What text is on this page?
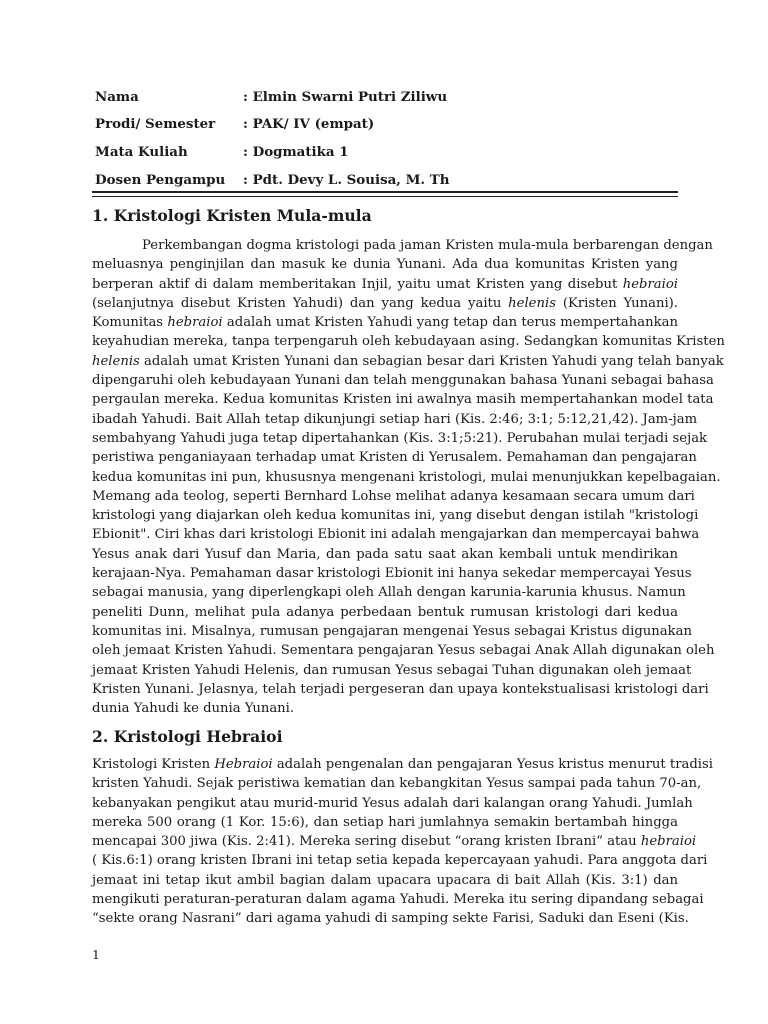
Nama	: Elmin Swarni Putri Ziliwu
Prodi/ Semester : PAK/ IV (empat)
Mata Kuliah	: Dogmatika 1
Dosen Pengampu : Pdt. Devy L. Souisa, M. Th
1. Kristologi Kristen Mula-mula
Perkembangan dogma kristologi pada jaman Kristen mula-mula berbarengan dengan
meluasnya penginjilan dan masuk ke dunia Yunani. Ada dua komunitas Kristen yang
berperan aktif di dalam memberitakan Injil, yaitu umat Kristen yang disebut hebraioi
(selanjutnya disebut Kristen Yahudi) dan yang kedua yaitu helenis (Kristen Yunani).
Komunitas hebraioi adalah umat Kristen Yahudi yang tetap dan terus mempertahankan
keyahudian mereka, tanpa terpengaruh oleh kebudayaan asing. Sedangkan komunitas Kristen
helenis adalah umat Kristen Yunani dan sebagian besar dari Kristen Yahudi yang telah banyak
dipengaruhi oleh kebudayaan Yunani dan telah menggunakan bahasa Yunani sebagai bahasa
pergaulan mereka. Kedua komunitas Kristen ini awalnya masih mempertahankan model tata
ibadah Yahudi. Bait Allah tetap dikunjungi setiap hari (Kis. 2:46; 3:1; 5:12,21,42). Jam-jam
sembahyang Yahudi juga tetap dipertahankan (Kis. 3:1;5:21). Perubahan mulai terjadi sejak
peristiwa penganiayaan terhadap umat Kristen di Yerusalem. Pemahaman dan pengajaran
kedua komunitas ini pun, khususnya mengenani kristologi, mulai menunjukkan kepelbagaian.
Memang ada teolog, seperti Bernhard Lohse melihat adanya kesamaan secara umum dari
kristologi yang diajarkan oleh kedua komunitas ini, yang disebut dengan istilah "kristologi
Ebionit". Ciri khas dari kristologi Ebionit ini adalah mengajarkan dan mempercayai bahwa
Yesus anak dari Yusuf dan Maria, dan pada satu saat akan kembali untuk mendirikan
kerajaan-Nya. Pemahaman dasar kristologi Ebionit ini hanya sekedar mempercayai Yesus
sebagai manusia, yang diperlengkapi oleh Allah dengan karunia-karunia khusus. Namun
peneliti Dunn, melihat pula adanya perbedaan bentuk rumusan kristologi dari kedua
komunitas ini. Misalnya, rumusan pengajaran mengenai Yesus sebagai Kristus digunakan
oleh jemaat Kristen Yahudi. Sementara pengajaran Yesus sebagai Anak Allah digunakan oleh
jemaat Kristen Yahudi Helenis, dan rumusan Yesus sebagai Tuhan digunakan oleh jemaat
Kristen Yunani. Jelasnya, telah terjadi pergeseran dan upaya kontekstualisasi kristologi dari
dunia Yahudi ke dunia Yunani.
2. Kristologi Hebraioi
Kristologi Kristen Hebraioi adalah pengenalan dan pengajaran Yesus kristus menurut tradisi
kristen Yahudi. Sejak peristiwa kematian dan kebangkitan Yesus sampai pada tahun 70-an,
kebanyakan pengikut atau murid-murid Yesus adalah dari kalangan orang Yahudi. Jumlah
mereka 500 orang (1 Kor. 15:6), dan setiap hari jumlahnya semakin bertambah hingga
mencapai 300 jiwa (Kis. 2:41). Mereka sering disebut “orang kristen Ibrani” atau hebraioi
( Kis.6:1) orang kristen Ibrani ini tetap setia kepada kepercayaan yahudi. Para anggota dari
jemaat ini tetap ikut ambil bagian dalam upacara upacara di bait Allah (Kis. 3:1) dan
mengikuti peraturan-peraturan dalam agama Yahudi. Mereka itu sering dipandang sebagai
“sekte orang Nasrani” dari agama yahudi di samping sekte Farisi, Saduki dan Eseni (Kis.
1
